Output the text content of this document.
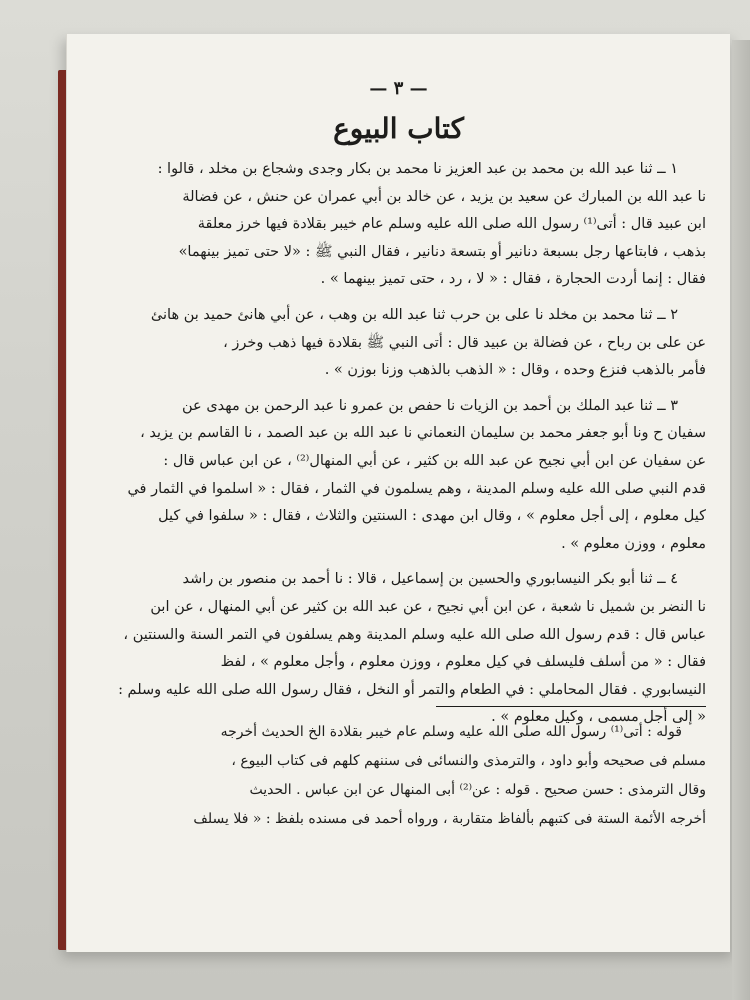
— ٣ —
كتاب البيوع
١ ــ ثنا عبد الله بن محمد بن عبد العزيز نا محمد بن بكار وجدى وشجاع بن مخلد ، قالوا :
نا عبد الله بن المبارك عن سعيد بن يزيد ، عن خالد بن أبي عمران عن حنش ، عن فضالة
ابن عبيد قال : أتى⁽¹⁾ رسول الله صلى الله عليه وسلم عام خيبر بقلادة فيها خرز معلقة
بذهب ، فابتاعها رجل بسبعة دنانير أو بتسعة دنانير ، فقال النبي ﷺ : «لا حتى تميز بينهما»
فقال : إنما أردت الحجارة ، فقال : « لا ، رد ، حتى تميز بينهما » .
٢ ــ ثنا محمد بن مخلد نا على بن حرب ثنا عبد الله بن وهب ، عن أبي هانئ حميد بن هانئ
عن على بن رباح ، عن فضالة بن عبيد قال : أتى النبي ﷺ بقلادة فيها ذهب وخرز ،
فأمر بالذهب فنزع وحده ، وقال : « الذهب بالذهب وزنا بوزن » .
٣ ــ ثنا عبد الملك بن أحمد بن الزيات نا حفص بن عمرو نا عبد الرحمن بن مهدى عن
سفيان ح ونا أبو جعفر محمد بن سليمان النعماني نا عبد الله بن عبد الصمد ، نا القاسم بن يزيد ،
عن سفيان عن ابن أبي نجيح عن عبد الله بن كثير ، عن أبي المنهال⁽²⁾ ، عن ابن عباس قال :
قدم النبي صلى الله عليه وسلم المدينة ، وهم يسلمون في الثمار ، فقال : « اسلموا في الثمار في
كيل معلوم ، إلى أجل معلوم » ، وقال ابن مهدى : السنتين والثلاث ، فقال : « سلفوا في كيل
معلوم ، ووزن معلوم » .
٤ ــ ثنا أبو بكر النيسابوري والحسين بن إسماعيل ، قالا : نا أحمد بن منصور بن راشد
نا النضر بن شميل نا شعبة ، عن ابن أبي نجيح ، عن عبد الله بن كثير عن أبي المنهال ، عن ابن
عباس قال : قدم رسول الله صلى الله عليه وسلم المدينة وهم يسلفون في التمر السنة والسنتين ،
فقال : « من أسلف فليسلف في كيل معلوم ، ووزن معلوم ، وأجل معلوم » ، لفظ
النيسابوري . فقال المحاملي : في الطعام والتمر أو النخل ، فقال رسول الله صلى الله عليه وسلم :
« إلى أجل مسمى ، وكيل معلوم » .
قوله : أتى⁽¹⁾ رسول الله صلى الله عليه وسلم عام خيبر بقلادة الخ الحديث أخرجه
مسلم فى صحيحه وأبو داود ، والترمذى والنسائى فى سننهم كلهم فى كتاب البيوع ،
وقال الترمذى : حسن صحيح . قوله : عن⁽²⁾ أبى المنهال عن ابن عباس . الحديث
أخرجه الأئمة الستة فى كتبهم بألفاظ متقاربة ، ورواه أحمد فى مسنده بلفظ : « فلا يسلف
